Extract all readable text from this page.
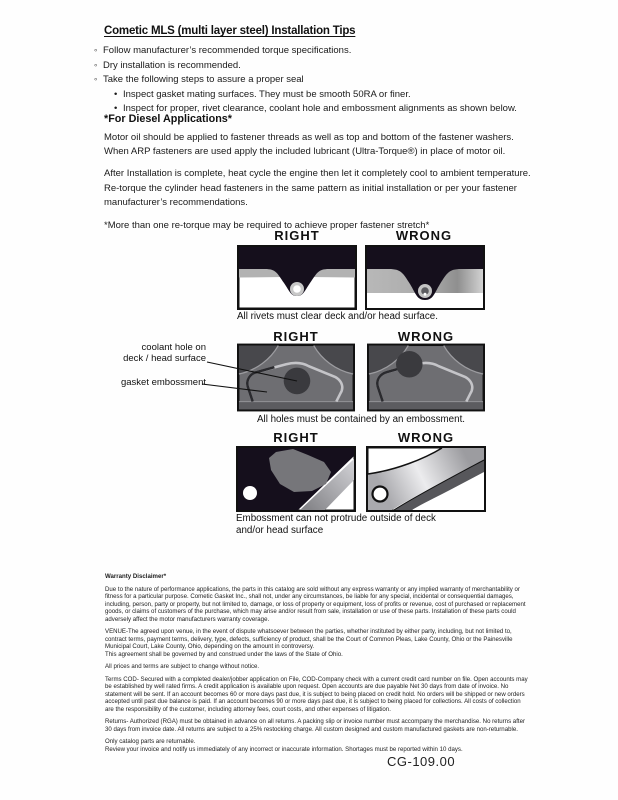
Cometic MLS (multi layer steel) Installation Tips
◦ Follow manufacturer’s recommended torque specifications.
◦ Dry installation is recommended.
◦ Take the following steps to assure a proper seal
• Inspect gasket mating surfaces. They must be smooth 50RA or finer.
• Inspect for proper, rivet clearance, coolant hole and embossment alignments as shown below.

*For Diesel Applications*

Motor oil should be applied to fastener threads as well as top and bottom of the fastener washers. When ARP fasteners are used apply the included lubricant (Ultra-Torque®) in place of motor oil.

After Installation is complete, heat cycle the engine then let it completely cool to ambient temperature. Re-torque the cylinder head fasteners in the same pattern as initial installation or per your fastener manufacturer’s recommendations.

*More than one re-torque may be required to achieve proper fastener stretch*

RIGHT	WRONG
All rivets must clear deck and/or head surface.
RIGHT	WRONG
coolant hole on
deck / head surface
gasket embossment
All holes must be contained by an embossment.
RIGHT	WRONG
Embossment can not protrude outside of deck
and/or head surface

Warranty Disclaimer*

Due to the nature of performance applications, the parts in this catalog are sold without any express warranty or any implied warranty of merchantability or fitness for a particular purpose. Cometic Gasket Inc., shall not, under any circumstances, be liable for any special, incidental or consequential damages, including, person, party or property, but not limited to, damage, or loss of property or equipment, loss of profits or revenue, cost of purchased or replacement goods, or claims of customers of the purchase, which may arise and/or result from sale, installation or use of these parts. Installation of these parts could adversely affect the motor manufacturers warranty coverage.

VENUE-The agreed upon venue, in the event of dispute whatsoever between the parties, whether instituted by either party, including, but not limited to, contract terms, payment terms, delivery, type, defects, sufficiency of product, shall be the Court of Common Pleas, Lake County, Ohio or the Painesville Municipal Court, Lake County, Ohio, depending on the amount in controversy.

This agreement shall be governed by and construed under the laws of the State of Ohio.

All prices and terms are subject to change without notice.

Terms COD- Secured with a completed dealer/jobber application on File, COD-Company check with a current credit card number on file. Open accounts may be established by well rated firms. A credit application is available upon request. Open accounts are due payable Net 30 days from date of invoice. No statement will be sent. If an account becomes 60 or more days past due, it is subject to being placed on credit hold. No orders will be shipped or new orders accepted until past due balance is paid. If an account becomes 90 or more days past due, it is subject to being placed for collections. All costs of collection are the responsibility of the customer, including attorney fees, court costs, and other expenses of litigation.

Returns- Authorized (RGA) must be obtained in advance on all returns. A packing slip or invoice number must accompany the merchandise. No returns after 30 days from invoice date. All returns are subject to a 25% restocking charge. All custom designed and custom manufactured gaskets are non-returnable.

Only catalog parts are returnable.

Review your invoice and notify us immediately of any incorrect or inaccurate information. Shortages must be reported within 10 days.

CG-109.00
